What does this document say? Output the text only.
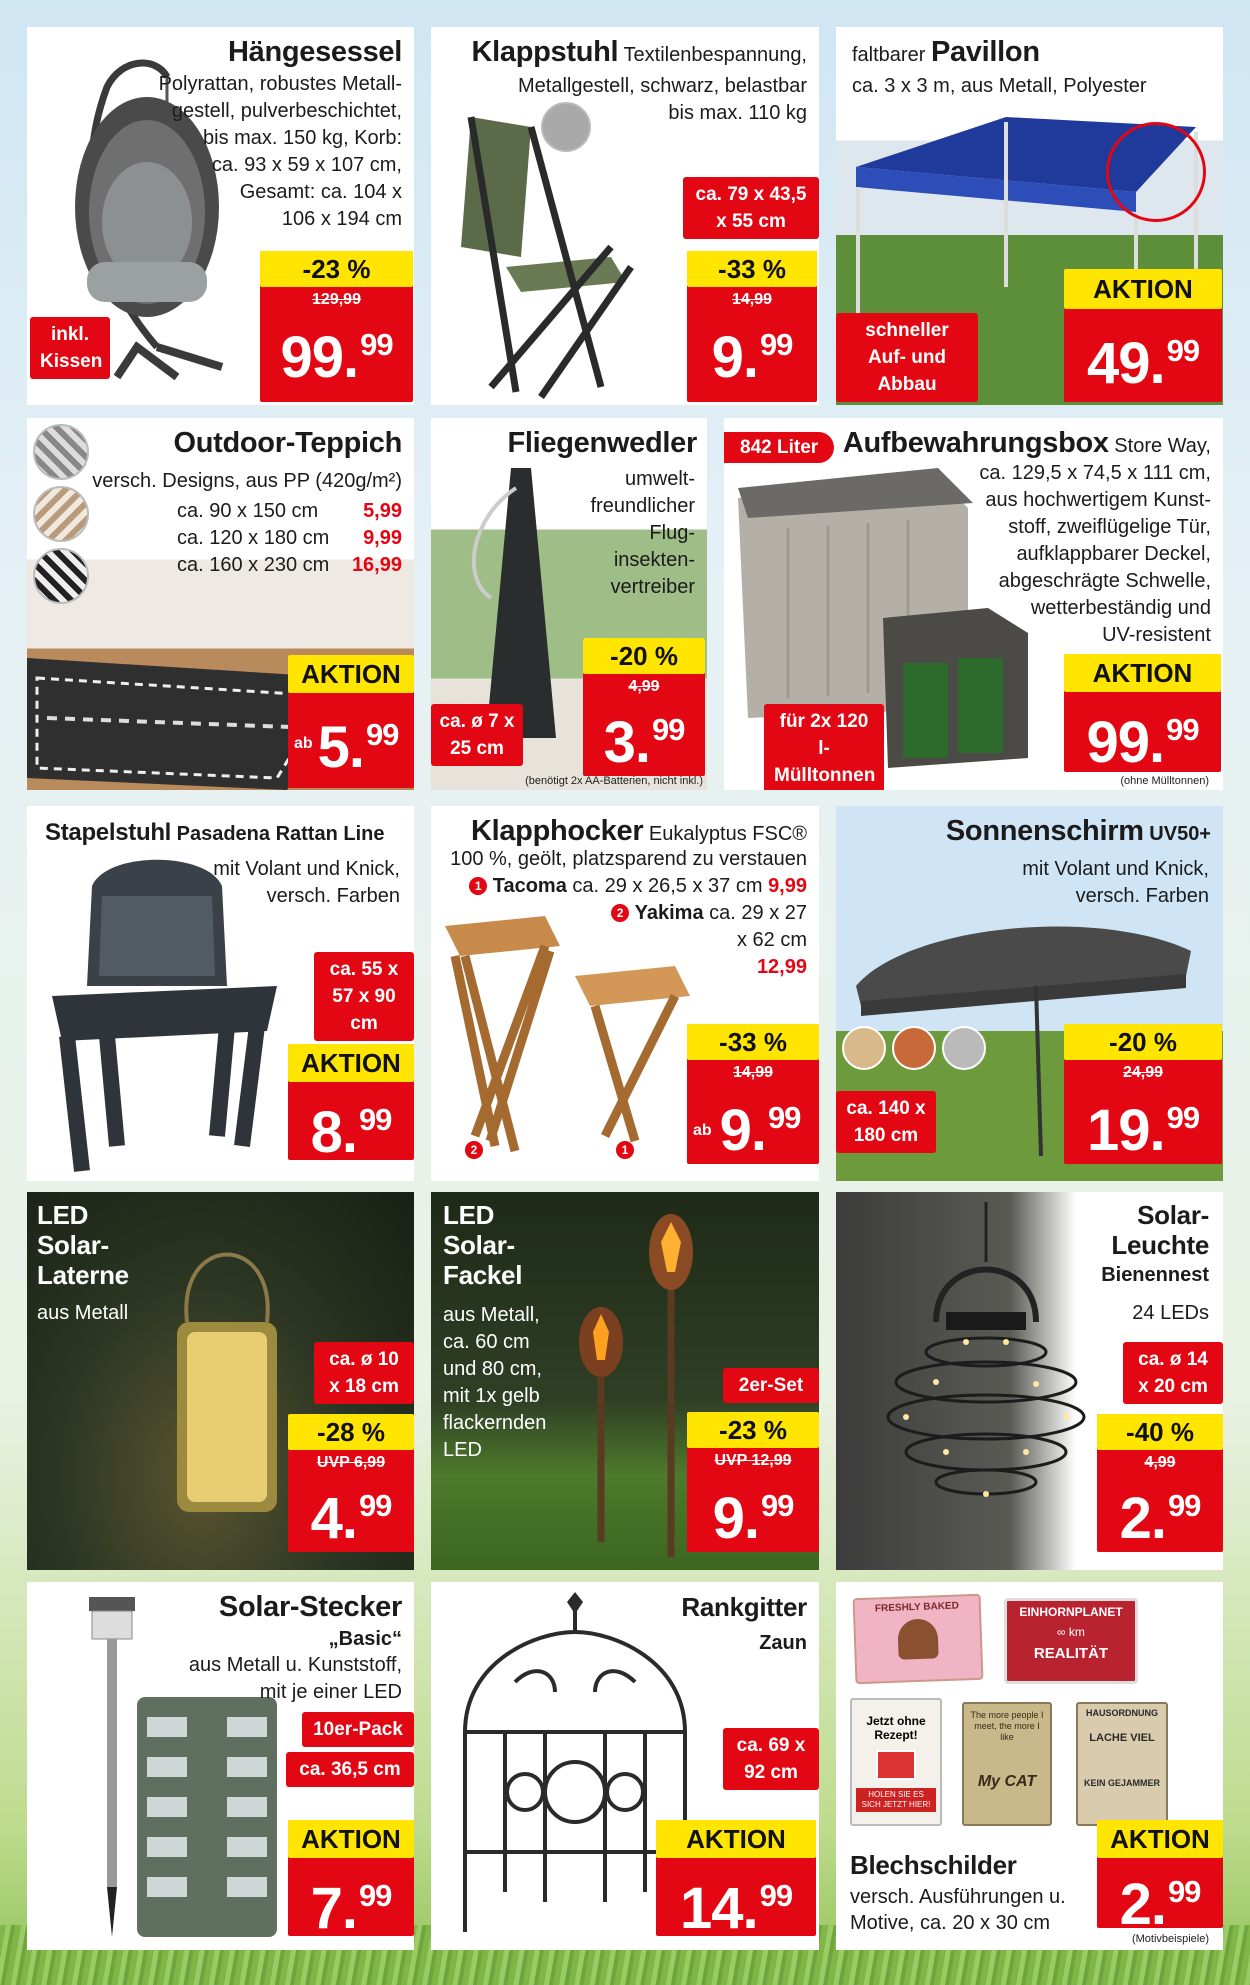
Hängesessel
Polyrattan, robustes Metall-
gestell, pulverbeschichtet,
bis max. 150 kg, Korb:
ca. 93 x 59 x 107 cm,
Gesamt: ca. 104 x
106 x 194 cm
inkl. Kissen
-23 %
129,99
99.99
Klappstuhl Textilenbespannung,
Metallgestell, schwarz, belastbar
bis max. 110 kg
ca. 79 x 43,5 x 55 cm
-33 %
14,99
9.99
faltbarer Pavillon
ca. 3 x 3 m, aus Metall, Polyester
schneller Auf- und Abbau
AKTION
49.99
Outdoor-Teppich
versch. Designs, aus PP (420g/m²)
ca. 90 x 150 cm 5,99
ca. 120 x 180 cm 9,99
ca. 160 x 230 cm 16,99
AKTION
ab 5.99
Fliegenwedler
umwelt-
freundlicher
Flug-
insekten-
vertreiber
ca. ø 7 x 25 cm
-20 %
4,99
3.99
(benötigt 2x AA-Batterien, nicht inkl.)
842 Liter Aufbewahrungsbox Store Way,
ca. 129,5 x 74,5 x 111 cm,
aus hochwertigem Kunst-
stoff, zweiflügelige Tür,
aufklappbarer Deckel,
abgeschrägte Schwelle,
wetterbeständig und
UV-resistent
für 2x 120 l-Mülltonnen
AKTION
99.99
(ohne Mülltonnen)
Stapelstuhl Pasadena Rattan Line
mit Volant und Knick,
versch. Farben
ca. 55 x 57 x 90 cm
AKTION
8.99
2	1
Klapphocker Eukalyptus FSC®
100 %, geölt, platzsparend zu verstauen
1 Tacoma ca. 29 x 26,5 x 37 cm 9,99
2 Yakima ca. 29 x 27
x 62 cm
12,99
-33 %
14,99
ab 9.99
Sonnenschirm UV50+
mit Volant und Knick,
versch. Farben
ca. 140 x 180 cm
-20 %
24,99
19.99
LED
Solar-
Laterne
aus Metall
ca. ø 10 x 18 cm
-28 %
UVP 6,99
4.99
LED
Solar-
Fackel
aus Metall,
ca. 60 cm
und 80 cm,
mit 1x gelb
flackernden
LED
2er-Set
-23 %
UVP 12,99
9.99
Solar-
Leuchte
Bienennest
24 LEDs
ca. ø 14 x 20 cm
-40 %
4,99
2.99
Solar-Stecker
„Basic“
aus Metall u. Kunststoff,
mit je einer LED
10er-Pack
ca. 36,5 cm
AKTION
7.99
Rankgitter
Zaun
ca. 69 x 92 cm
AKTION
14.99
FRESHLY BAKED	EINHORNPLANET
∞ km
REALITÄT
Jetzt ohne Rezept!
HOLEN SIE ES SICH JETZT HIER!
The more people I meet, the more I like
My CAT
HAUSORDNUNG
LACHE VIEL
KEIN GEJAMMER
Blechschilder
versch. Ausführungen u.
Motive, ca. 20 x 30 cm
AKTION
2.99
(Motivbeispiele)
